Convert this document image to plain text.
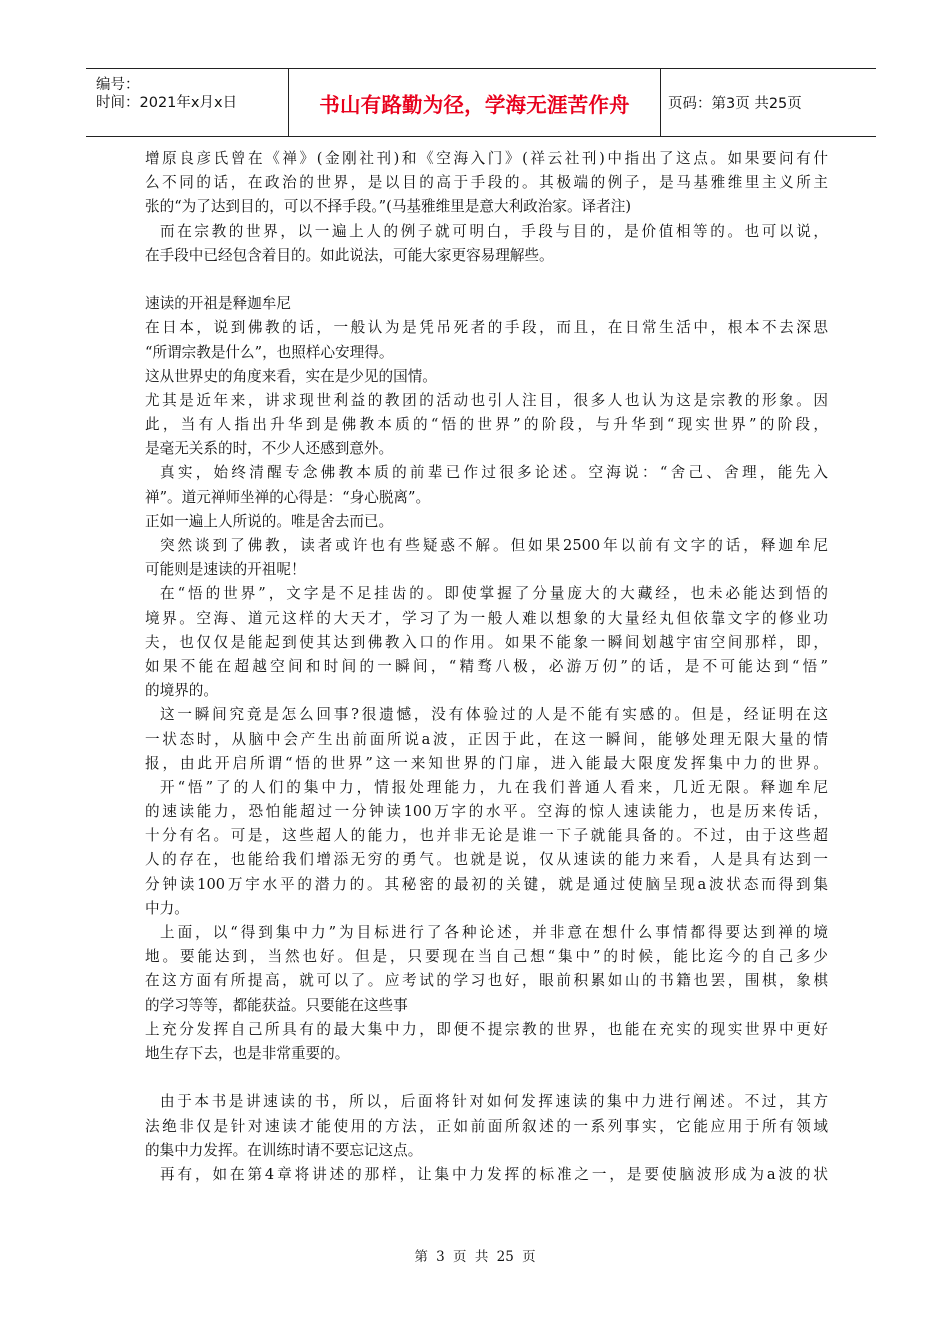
编号：
时间：2021年x月x日	书山有路勤为径，学海无涯苦作舟	页码：第3页 共25页
增原良彦氏曾在《禅》(金刚社刊)和《空海入门》(祥云社刊)中指出了这点。如果要问有什
么不同的话，在政治的世界，是以目的高于手段的。其极端的例子，是马基雅维里主义所主
张的“为了达到目的，可以不择手段。”(马基雅维里是意大利政治家。译者注)
而在宗教的世界，以一遍上人的例子就可明白，手段与目的，是价值相等的。也可以说，
在手段中已经包含着目的。如此说法，可能大家更容易理解些。
速读的开祖是释迦牟尼
在日本，说到佛教的话，一般认为是凭吊死者的手段，而且，在日常生活中，根本不去深思
“所谓宗教是什么”，也照样心安理得。
这从世界史的角度来看，实在是少见的国情。
尤其是近年来，讲求现世利益的教团的活动也引人注目，很多人也认为这是宗教的形象。因
此，当有人指出升华到是佛教本质的“悟的世界”的阶段，与升华到“现实世界”的阶段，
是毫无关系的时，不少人还感到意外。
真实，始终清醒专念佛教本质的前辈已作过很多论述。空海说：“舍己、舍理，能先入
禅”。道元禅师坐禅的心得是：“身心脱离”。
正如一遍上人所说的。唯是舍去而已。
突然谈到了佛教，读者或许也有些疑惑不解。但如果2500年以前有文字的话，释迦牟尼
可能则是速读的开祖呢！
在“悟的世界”，文字是不足挂齿的。即使掌握了分量庞大的大藏经，也未必能达到悟的
境界。空海、道元这样的大天才，学习了为一般人难以想象的大量经丸但依靠文字的修业功
夫，也仅仅是能起到使其达到佛教入口的作用。如果不能象一瞬间划越宇宙空间那样，即，
如果不能在超越空间和时间的一瞬间，“精骛八极，必游万仞”的话，是不可能达到“悟”
的境界的。
这一瞬间究竟是怎么回事?很遗憾，没有体验过的人是不能有实感的。但是，经证明在这
一状态时，从脑中会产生出前面所说a波，正因于此，在这一瞬间，能够处理无限大量的情
报，由此开启所谓“悟的世界”这一来知世界的门扉，进入能最大限度发挥集中力的世界。
开“悟”了的人们的集中力，情报处理能力，九在我们普通人看来，几近无限。释迦牟尼
的速读能力，恐怕能超过一分钟读100万字的水平。空海的惊人速读能力，也是历来传话，
十分有名。可是，这些超人的能力，也并非无论是谁一下子就能具备的。不过，由于这些超
人的存在，也能给我们增添无穷的勇气。也就是说，仅从速读的能力来看，人是具有达到一
分钟读100万宇水平的潜力的。其秘密的最初的关键，就是通过使脑呈现a波状态而得到集
中力。
上面，以“得到集中力”为目标进行了各种论述，并非意在想什么事情都得要达到禅的境
地。要能达到，当然也好。但是，只要现在当自己想“集中”的时候，能比迄今的自己多少
在这方面有所提高，就可以了。应考试的学习也好，眼前积累如山的书籍也罢，围棋，象棋
的学习等等，都能获益。只要能在这些事
上充分发挥自己所具有的最大集中力，即便不提宗教的世界，也能在充实的现实世界中更好
地生存下去，也是非常重要的。
由于本书是讲速读的书，所以，后面将针对如何发挥速读的集中力进行阐述。不过，其方
法绝非仅是针对速读才能使用的方法，正如前面所叙述的一系列事实，它能应用于所有领域
的集中力发挥。在训练时请不要忘记这点。
再有，如在第4章将讲述的那样，让集中力发挥的标准之一，是要使脑波形成为a波的状
第 3 页 共 25 页
